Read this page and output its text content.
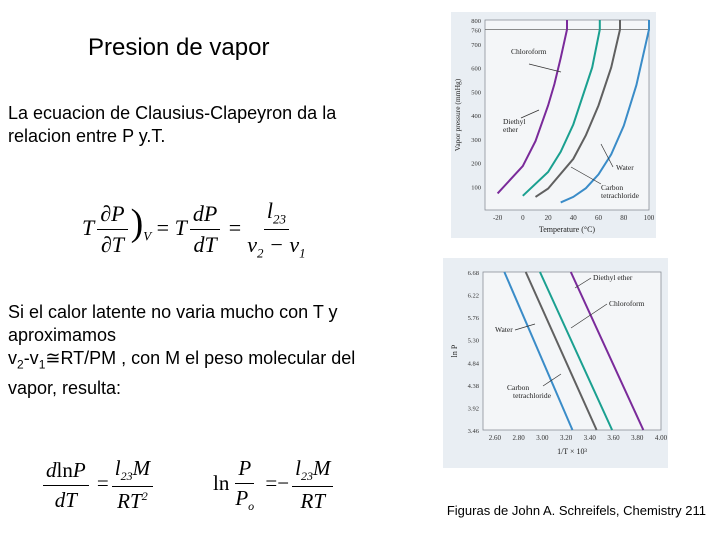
Presion de vapor
La ecuacion de Clausius-Clapeyron da la relacion entre P y.T.
T $\frac{\partial P}{\partial T} )_V = T \frac{dP}{dT} = \frac{l_{23}}{v_2 - v_1}$
Si el calor latente no varia mucho con T y aproximamos
$v_2-v_1≅RT/PM$ , con M el peso molecular del vapor, resulta:
$\frac{dlnP}{dT} = \frac{l_{23}M}{RT^2}$	$\ln \frac{P}{P_o} =- \frac{l_{23}M}{RT}$
100
200
300
400
500
600
700
760
800
-20	0	20	40	60	80 100
Temperature (°C)
Vapor pressure (mmHg)
Chloroform
Diethyl ether
Water
Carbon tetrachloride
6.68
6.22
5.76
5.30
4.84
4.38
3.92
3.46
2.60 2.80 3.00 3.20 3.40 3.60 3.80 4.00
1/T × 10³
ln P
Diethyl ether
Chloroform
Water
Carbon tetrachloride
Figuras de John A. Schreifels, Chemistry 211
